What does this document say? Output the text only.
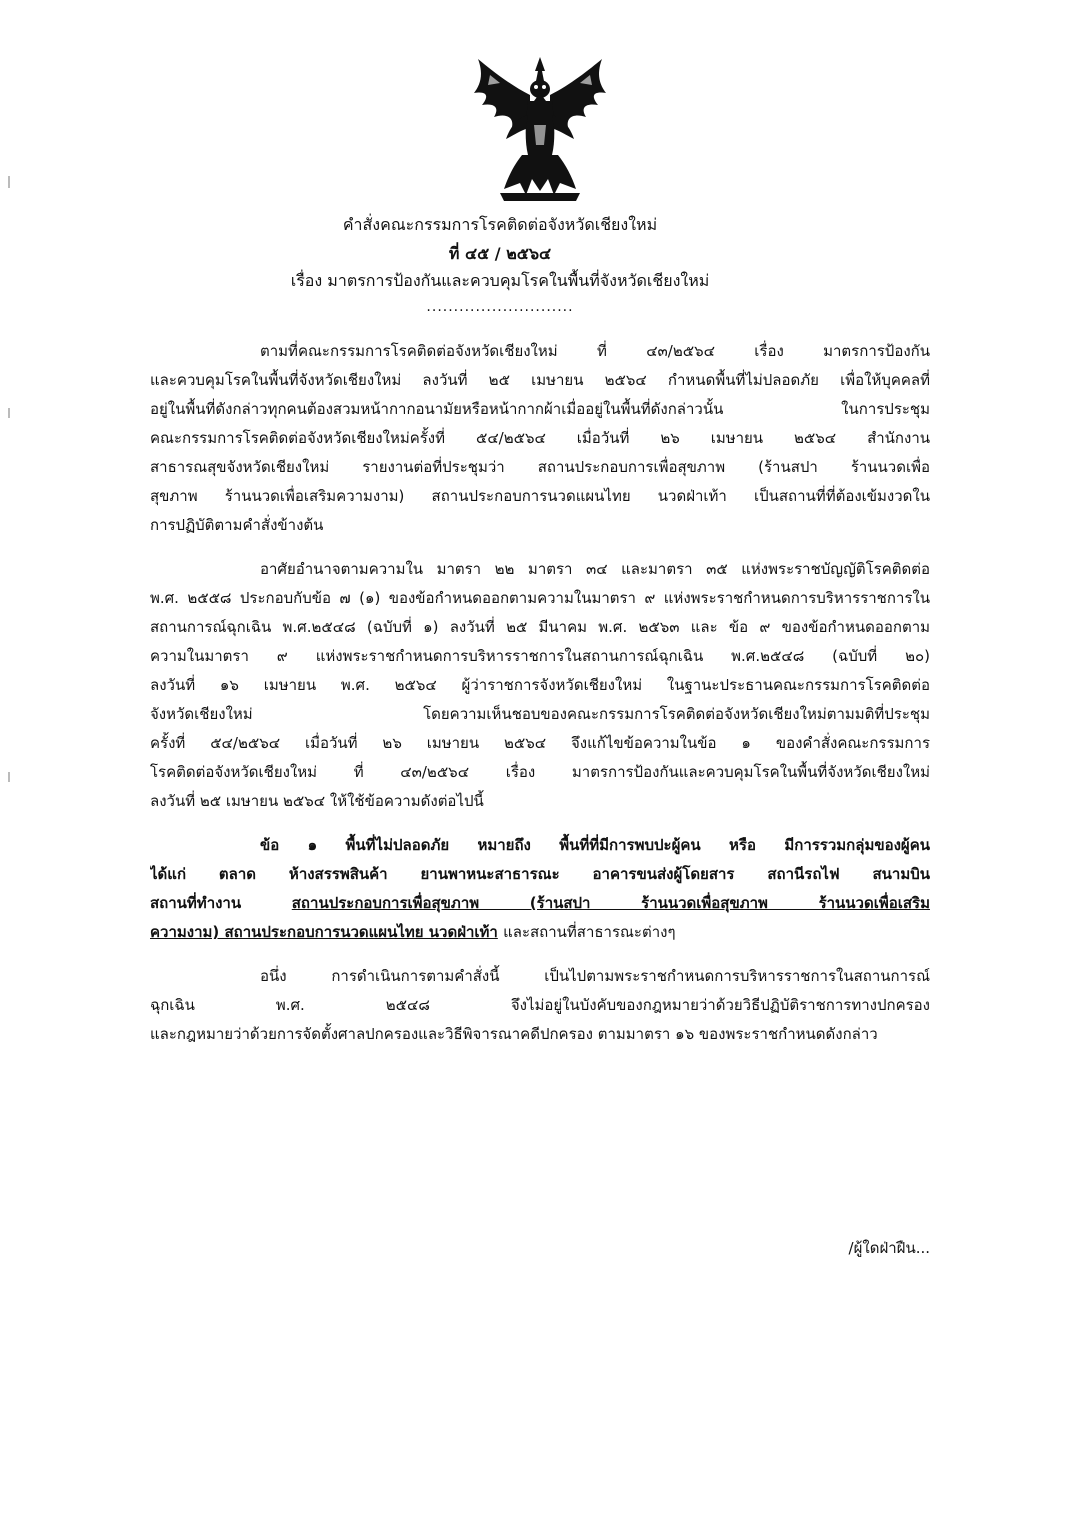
คำสั่งคณะกรรมการโรคติดต่อจังหวัดเชียงใหม่
ที่ ๔๕ / ๒๕๖๔
เรื่อง มาตรการป้องกันและควบคุมโรคในพื้นที่จังหวัดเชียงใหม่
...........................
ตามที่คณะกรรมการโรคติดต่อจังหวัดเชียงใหม่ ที่ ๔๓/๒๕๖๔ เรื่อง มาตรการป้องกัน
และควบคุมโรคในพื้นที่จังหวัดเชียงใหม่ ลงวันที่ ๒๕ เมษายน ๒๕๖๔ กำหนดพื้นที่ไม่ปลอดภัย เพื่อให้บุคคลที่
อยู่ในพื้นที่ดังกล่าวทุกคนต้องสวมหน้ากากอนามัยหรือหน้ากากผ้าเมื่ออยู่ในพื้นที่ดังกล่าวนั้น ในการประชุม
คณะกรรมการโรคติดต่อจังหวัดเชียงใหม่ครั้งที่ ๕๔/๒๕๖๔ เมื่อวันที่ ๒๖ เมษายน ๒๕๖๔ สำนักงาน
สาธารณสุขจังหวัดเชียงใหม่ รายงานต่อที่ประชุมว่า สถานประกอบการเพื่อสุขภาพ (ร้านสปา ร้านนวดเพื่อ
สุขภาพ ร้านนวดเพื่อเสริมความงาม) สถานประกอบการนวดแผนไทย นวดฝ่าเท้า เป็นสถานที่ที่ต้องเข้มงวดใน
การปฏิบัติตามคำสั่งข้างต้น
อาศัยอำนาจตามความใน มาตรา ๒๒ มาตรา ๓๔ และมาตรา ๓๕ แห่งพระราชบัญญัติโรคติดต่อ
พ.ศ. ๒๕๕๘ ประกอบกับข้อ ๗ (๑) ของข้อกำหนดออกตามความในมาตรา ๙ แห่งพระราชกำหนดการบริหารราชการใน
สถานการณ์ฉุกเฉิน พ.ศ.๒๕๔๘ (ฉบับที่ ๑) ลงวันที่ ๒๕ มีนาคม พ.ศ. ๒๕๖๓ และ ข้อ ๙ ของข้อกำหนดออกตาม
ความในมาตรา ๙ แห่งพระราชกำหนดการบริหารราชการในสถานการณ์ฉุกเฉิน พ.ศ.๒๕๔๘ (ฉบับที่ ๒๐)
ลงวันที่ ๑๖ เมษายน พ.ศ. ๒๕๖๔ ผู้ว่าราชการจังหวัดเชียงใหม่ ในฐานะประธานคณะกรรมการโรคติดต่อ
จังหวัดเชียงใหม่ โดยความเห็นชอบของคณะกรรมการโรคติดต่อจังหวัดเชียงใหม่ตามมติที่ประชุม
ครั้งที่ ๕๔/๒๕๖๔ เมื่อวันที่ ๒๖ เมษายน ๒๕๖๔ จึงแก้ไขข้อความในข้อ ๑ ของคำสั่งคณะกรรมการ
โรคติดต่อจังหวัดเชียงใหม่ ที่ ๔๓/๒๕๖๔ เรื่อง มาตรการป้องกันและควบคุมโรคในพื้นที่จังหวัดเชียงใหม่
ลงวันที่ ๒๕ เมษายน ๒๕๖๔ ให้ใช้ข้อความดังต่อไปนี้
ข้อ ๑ พื้นที่ไม่ปลอดภัย หมายถึง พื้นที่ที่มีการพบปะผู้คน หรือ มีการรวมกลุ่มของผู้คน
ได้แก่ ตลาด ห้างสรรพสินค้า ยานพาหนะสาธารณะ อาคารขนส่งผู้โดยสาร สถานีรถไฟ สนามบิน
สถานที่ทำงาน	สถานประกอบการเพื่อสุขภาพ (ร้านสปา ร้านนวดเพื่อสุขภาพ ร้านนวดเพื่อเสริม
ความงาม) สถานประกอบการนวดแผนไทย นวดฝ่าเท้า และสถานที่สาธารณะต่างๆ
อนึ่ง การดำเนินการตามคำสั่งนี้ เป็นไปตามพระราชกำหนดการบริหารราชการในสถานการณ์
ฉุกเฉิน พ.ศ. ๒๕๔๘ จึงไม่อยู่ในบังคับของกฎหมายว่าด้วยวิธีปฏิบัติราชการทางปกครอง
และกฎหมายว่าด้วยการจัดตั้งศาลปกครองและวิธีพิจารณาคดีปกครอง ตามมาตรา ๑๖ ของพระราชกำหนดดังกล่าว
/ผู้ใดฝ่าฝืน...
